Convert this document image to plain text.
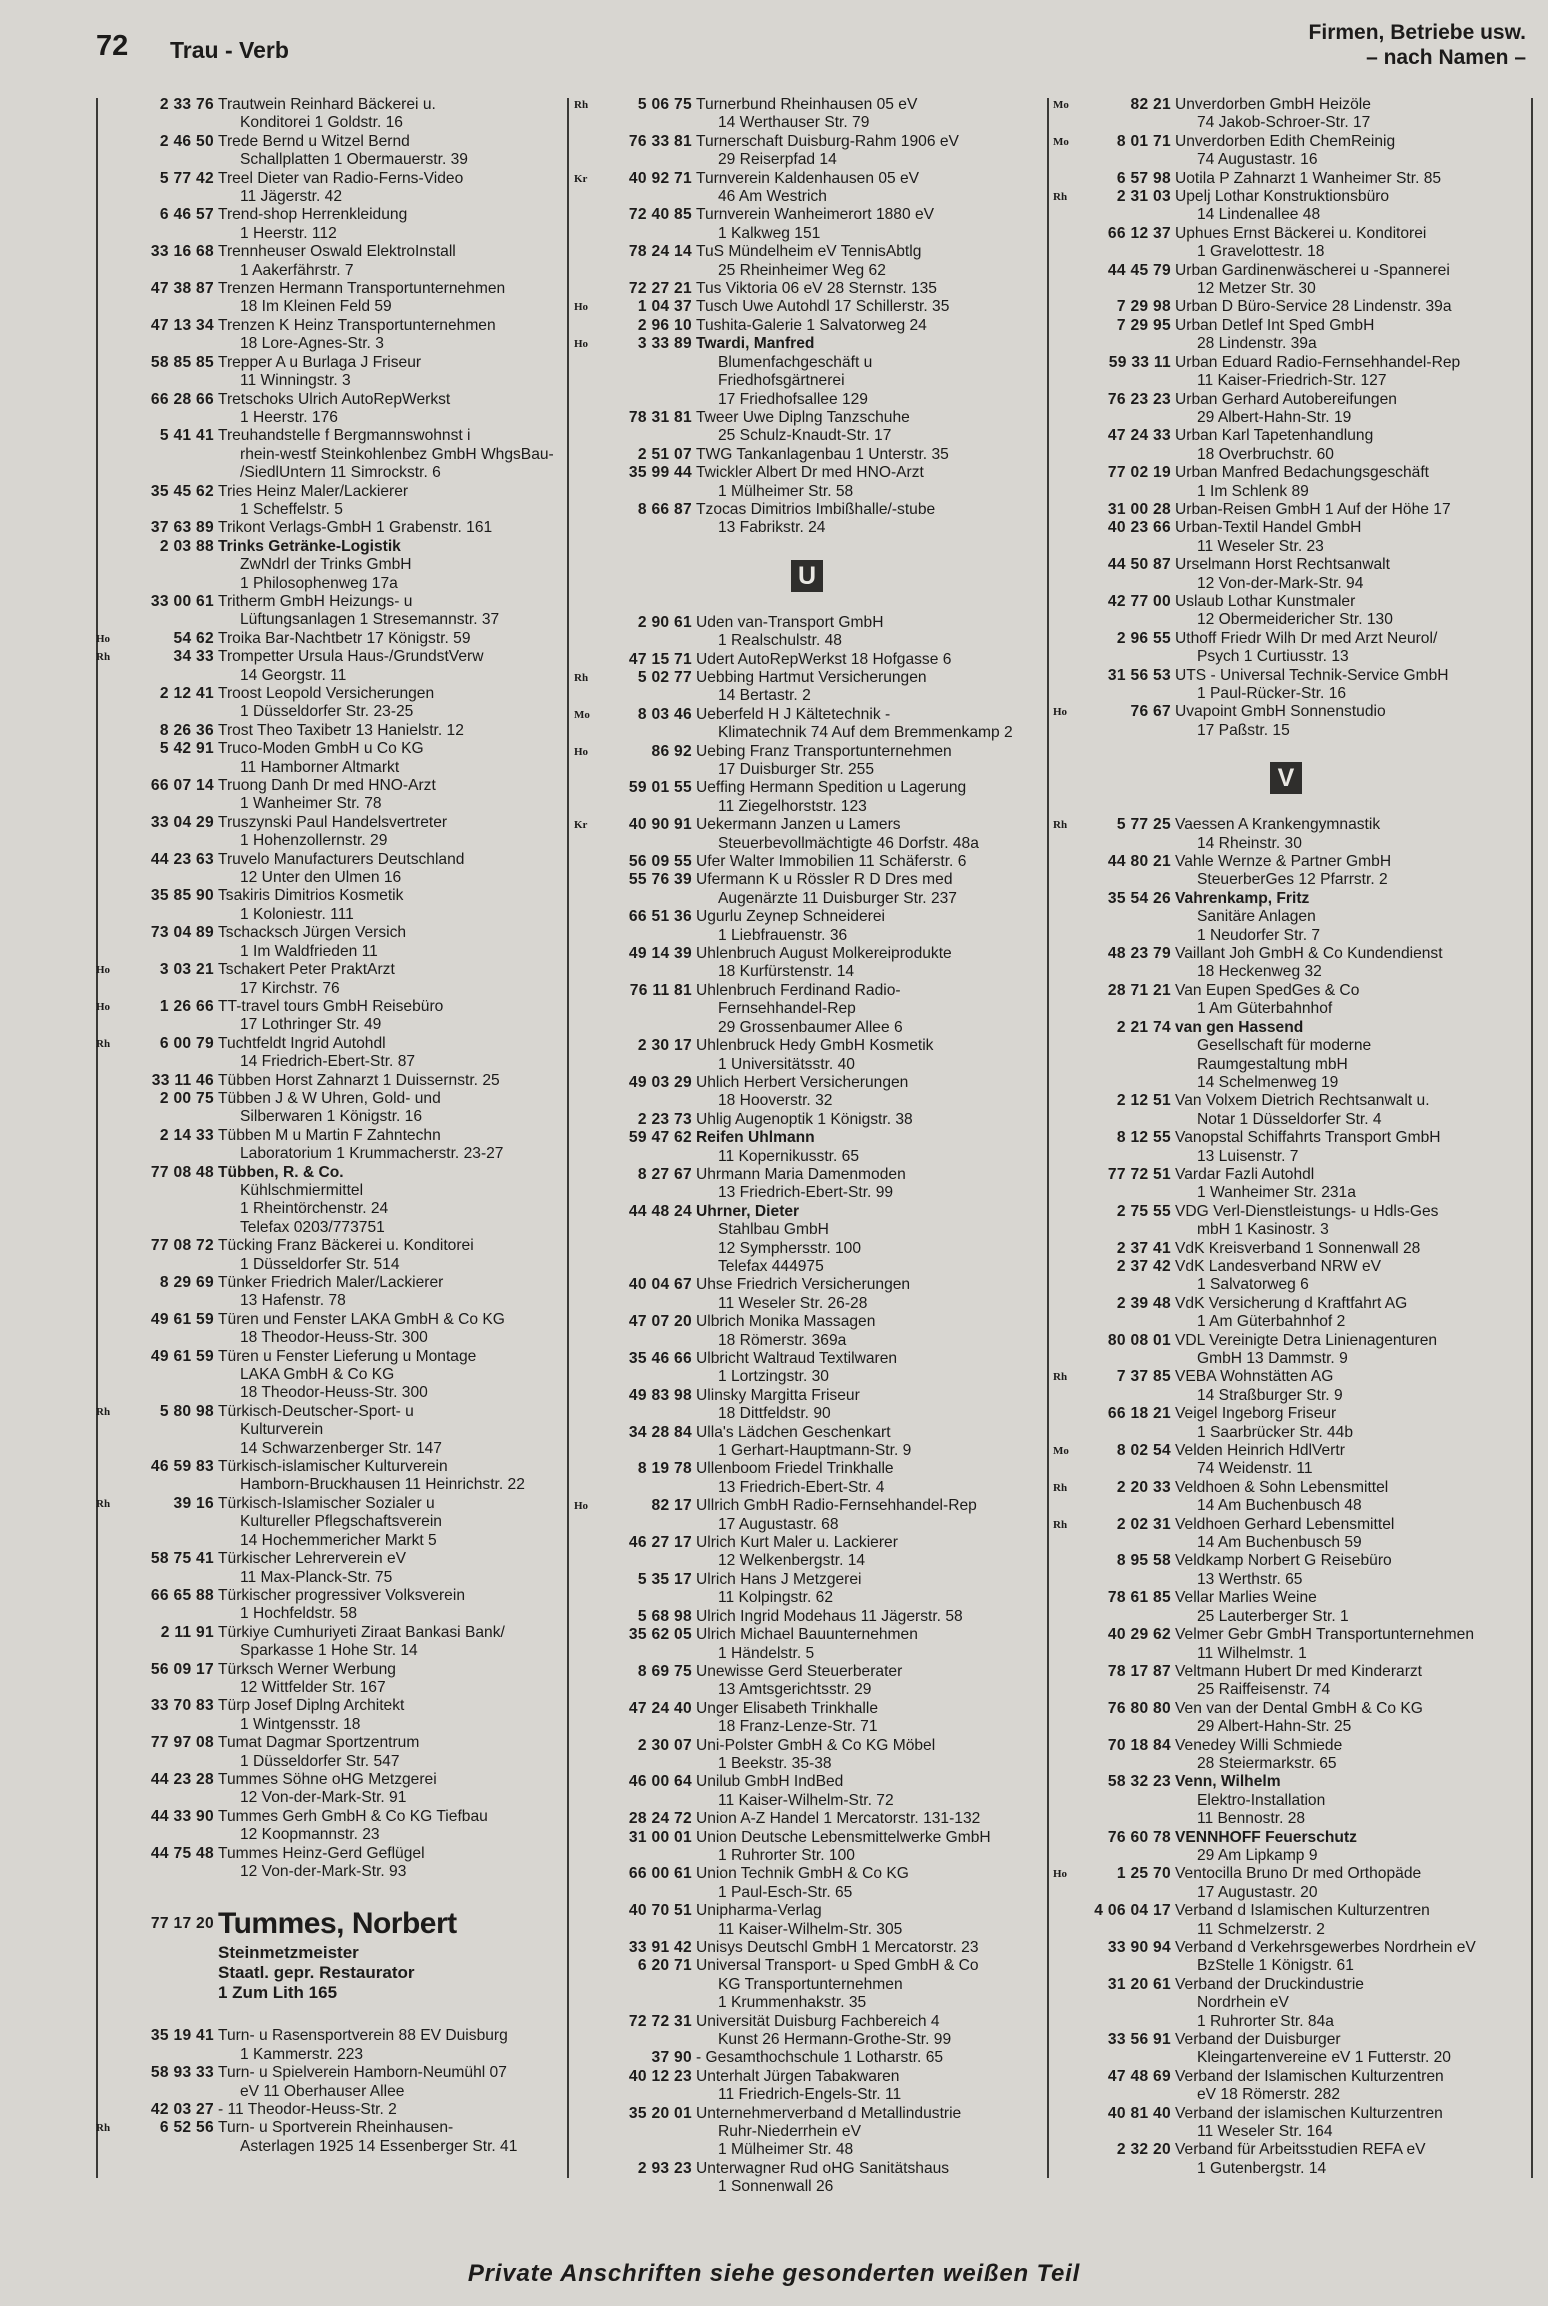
72 Trau - Verb
Firmen, Betriebe usw.
– nach Namen –
2 33 76 Trautwein Reinhard Bäckerei u.
Konditorei 1 Goldstr. 16
2 46 50 Trede Bernd u Witzel Bernd
Schallplatten 1 Obermauerstr. 39
5 77 42 Treel Dieter van Radio-Ferns-Video
11 Jägerstr. 42
6 46 57 Trend-shop Herrenkleidung
1 Heerstr. 112
33 16 68 Trennheuser Oswald ElektroInstall
1 Aakerfährstr. 7
47 38 87 Trenzen Hermann Transportunternehmen
18 Im Kleinen Feld 59
47 13 34 Trenzen K Heinz Transportunternehmen
18 Lore-Agnes-Str. 3
58 85 85 Trepper A u Burlaga J Friseur
11 Winningstr. 3
66 28 66 Tretschoks Ulrich AutoRepWerkst
1 Heerstr. 176
5 41 41 Treuhandstelle f Bergmannswohnst i
rhein-westf Steinkohlenbez GmbH WhgsBau-
/SiedlUntern 11 Simrockstr. 6
35 45 62 Tries Heinz Maler/Lackierer
1 Scheffelstr. 5
37 63 89 Trikont Verlags-GmbH 1 Grabenstr. 161
2 03 88 Trinks Getränke-Logistik
ZwNdrl der Trinks GmbH
1 Philosophenweg 17a
33 00 61 Tritherm GmbH Heizungs- u
Lüftungsanlagen 1 Stresemannstr. 37
Ho	54 62 Troika Bar-Nachtbetr 17 Königstr. 59
Rh	34 33 Trompetter Ursula Haus-/GrundstVerw
14 Georgstr. 11
2 12 41 Troost Leopold Versicherungen
1 Düsseldorfer Str. 23-25
8 26 36 Trost Theo Taxibetr 13 Hanielstr. 12
5 42 91 Truco-Moden GmbH u Co KG
11 Hamborner Altmarkt
66 07 14 Truong Danh Dr med HNO-Arzt
1 Wanheimer Str. 78
33 04 29 Truszynski Paul Handelsvertreter
1 Hohenzollernstr. 29
44 23 63 Truvelo Manufacturers Deutschland
12 Unter den Ulmen 16
35 85 90 Tsakiris Dimitrios Kosmetik
1 Koloniestr. 111
73 04 89 Tschacksch Jürgen Versich
1 Im Waldfrieden 11
Ho	3 03 21 Tschakert Peter PraktArzt
17 Kirchstr. 76
Ho	1 26 66 TT-travel tours GmbH Reisebüro
17 Lothringer Str. 49
Rh	6 00 79 Tuchtfeldt Ingrid Autohdl
14 Friedrich-Ebert-Str. 87
33 11 46 Tübben Horst Zahnarzt 1 Duissernstr. 25
2 00 75 Tübben J & W Uhren, Gold- und
Silberwaren 1 Königstr. 16
2 14 33 Tübben M u Martin F Zahntechn
Laboratorium 1 Krummacherstr. 23-27
77 08 48 Tübben, R. & Co.
Kühlschmiermittel
1 Rheintörchenstr. 24
Telefax 0203/773751
77 08 72 Tücking Franz Bäckerei u. Konditorei
1 Düsseldorfer Str. 514
8 29 69 Tünker Friedrich Maler/Lackierer
13 Hafenstr. 78
49 61 59 Türen und Fenster LAKA GmbH & Co KG
18 Theodor-Heuss-Str. 300
49 61 59 Türen u Fenster Lieferung u Montage
LAKA GmbH & Co KG
18 Theodor-Heuss-Str. 300
Rh	5 80 98 Türkisch-Deutscher-Sport- u
Kulturverein
14 Schwarzenberger Str. 147
46 59 83 Türkisch-islamischer Kulturverein
Hamborn-Bruckhausen 11 Heinrichstr. 22
Rh	39 16 Türkisch-Islamischer Sozialer u
Kultureller Pflegschaftsverein
14 Hochemmericher Markt 5
58 75 41 Türkischer Lehrerverein eV
11 Max-Planck-Str. 75
66 65 88 Türkischer progressiver Volksverein
1 Hochfeldstr. 58
2 11 91 Türkiye Cumhuriyeti Ziraat Bankasi Bank/
Sparkasse 1 Hohe Str. 14
56 09 17 Türksch Werner Werbung
12 Wittfelder Str. 167
33 70 83 Türp Josef Diplng Architekt
1 Wintgensstr. 18
77 97 08 Tumat Dagmar Sportzentrum
1 Düsseldorfer Str. 547
44 23 28 Tummes Söhne oHG Metzgerei
12 Von-der-Mark-Str. 91
44 33 90 Tummes Gerh GmbH & Co KG Tiefbau
12 Koopmannstr. 23
44 75 48 Tummes Heinz-Gerd Geflügel
12 Von-der-Mark-Str. 93
77 17 20 Tummes, Norbert
Steinmetzmeister
Staatl. gepr. Restaurator
1 Zum Lith 165
35 19 41 Turn- u Rasensportverein 88 EV Duisburg
1 Kammerstr. 223
58 93 33 Turn- u Spielverein Hamborn-Neumühl 07
eV 11 Oberhauser Allee
42 03 27 - 11 Theodor-Heuss-Str. 2
Rh	6 52 56 Turn- u Sportverein Rheinhausen-
Asterlagen 1925 14 Essenberger Str. 41
Rh	5 06 75 Turnerbund Rheinhausen 05 eV
14 Werthauser Str. 79
76 33 81 Turnerschaft Duisburg-Rahm 1906 eV
29 Reiserpfad 14
Kr	40 92 71 Turnverein Kaldenhausen 05 eV
46 Am Westrich
72 40 85 Turnverein Wanheimerort 1880 eV
1 Kalkweg 151
78 24 14 TuS Mündelheim eV TennisAbtlg
25 Rheinheimer Weg 62
72 27 21 Tus Viktoria 06 eV 28 Sternstr. 135
Ho	1 04 37 Tusch Uwe Autohdl 17 Schillerstr. 35
2 96 10 Tushita-Galerie 1 Salvatorweg 24
Ho	3 33 89 Twardi, Manfred
Blumenfachgeschäft u
Friedhofsgärtnerei
17 Friedhofsallee 129
78 31 81 Tweer Uwe Diplng Tanzschuhe
25 Schulz-Knaudt-Str. 17
2 51 07 TWG Tankanlagenbau 1 Unterstr. 35
35 99 44 Twickler Albert Dr med HNO-Arzt
1 Mülheimer Str. 58
8 66 87 Tzocas Dimitrios Imbißhalle/-stube
13 Fabrikstr. 24
U
2 90 61 Uden van-Transport GmbH
1 Realschulstr. 48
47 15 71 Udert AutoRepWerkst 18 Hofgasse 6
Rh	5 02 77 Uebbing Hartmut Versicherungen
14 Bertastr. 2
Mo	8 03 46 Ueberfeld H J Kältetechnik -
Klimatechnik 74 Auf dem Bremmenkamp 2
Ho	86 92 Uebing Franz Transportunternehmen
17 Duisburger Str. 255
59 01 55 Ueffing Hermann Spedition u Lagerung
11 Ziegelhorststr. 123
Kr	40 90 91 Uekermann Janzen u Lamers
Steuerbevollmächtigte 46 Dorfstr. 48a
56 09 55 Ufer Walter Immobilien 11 Schäferstr. 6
55 76 39 Ufermann K u Rössler R D Dres med
Augenärzte 11 Duisburger Str. 237
66 51 36 Ugurlu Zeynep Schneiderei
1 Liebfrauenstr. 36
49 14 39 Uhlenbruch August Molkereiprodukte
18 Kurfürstenstr. 14
76 11 81 Uhlenbruch Ferdinand Radio-
Fernsehhandel-Rep
29 Grossenbaumer Allee 6
2 30 17 Uhlenbruck Hedy GmbH Kosmetik
1 Universitätsstr. 40
49 03 29 Uhlich Herbert Versicherungen
18 Hooverstr. 32
2 23 73 Uhlig Augenoptik 1 Königstr. 38
59 47 62 Reifen Uhlmann
11 Kopernikusstr. 65
8 27 67 Uhrmann Maria Damenmoden
13 Friedrich-Ebert-Str. 99
44 48 24 Uhrner, Dieter
Stahlbau GmbH
12 Symphersstr. 100
Telefax 444975
40 04 67 Uhse Friedrich Versicherungen
11 Weseler Str. 26-28
47 07 20 Ulbrich Monika Massagen
18 Römerstr. 369a
35 46 66 Ulbricht Waltraud Textilwaren
1 Lortzingstr. 30
49 83 98 Ulinsky Margitta Friseur
18 Dittfeldstr. 90
34 28 84 Ulla's Lädchen Geschenkart
1 Gerhart-Hauptmann-Str. 9
8 19 78 Ullenboom Friedel Trinkhalle
13 Friedrich-Ebert-Str. 4
Ho	82 17 Ullrich GmbH Radio-Fernsehhandel-Rep
17 Augustastr. 68
46 27 17 Ulrich Kurt Maler u. Lackierer
12 Welkenbergstr. 14
5 35 17 Ulrich Hans J Metzgerei
11 Kolpingstr. 62
5 68 98 Ulrich Ingrid Modehaus 11 Jägerstr. 58
35 62 05 Ulrich Michael Bauunternehmen
1 Händelstr. 5
8 69 75 Unewisse Gerd Steuerberater
13 Amtsgerichtsstr. 29
47 24 40 Unger Elisabeth Trinkhalle
18 Franz-Lenze-Str. 71
2 30 07 Uni-Polster GmbH & Co KG Möbel
1 Beekstr. 35-38
46 00 64 Unilub GmbH IndBed
11 Kaiser-Wilhelm-Str. 72
28 24 72 Union A-Z Handel 1 Mercatorstr. 131-132
31 00 01 Union Deutsche Lebensmittelwerke GmbH
1 Ruhrorter Str. 100
66 00 61 Union Technik GmbH & Co KG
1 Paul-Esch-Str. 65
40 70 51 Unipharma-Verlag
11 Kaiser-Wilhelm-Str. 305
33 91 42 Unisys Deutschl GmbH 1 Mercatorstr. 23
6 20 71 Universal Transport- u Sped GmbH & Co
KG Transportunternehmen
1 Krummenhakstr. 35
72 72 31 Universität Duisburg Fachbereich 4
Kunst 26 Hermann-Grothe-Str. 99
37 90 - Gesamthochschule 1 Lotharstr. 65
40 12 23 Unterhalt Jürgen Tabakwaren
11 Friedrich-Engels-Str. 11
35 20 01 Unternehmerverband d Metallindustrie
Ruhr-Niederrhein eV
1 Mülheimer Str. 48
2 93 23 Unterwagner Rud oHG Sanitätshaus
1 Sonnenwall 26
Mo	82 21 Unverdorben GmbH Heizöle
74 Jakob-Schroer-Str. 17
Mo	8 01 71 Unverdorben Edith ChemReinig
74 Augustastr. 16
6 57 98 Uotila P Zahnarzt 1 Wanheimer Str. 85
Rh	2 31 03 Upelj Lothar Konstruktionsbüro
14 Lindenallee 48
66 12 37 Uphues Ernst Bäckerei u. Konditorei
1 Gravelottestr. 18
44 45 79 Urban Gardinenwäscherei u -Spannerei
12 Metzer Str. 30
7 29 98 Urban D Büro-Service 28 Lindenstr. 39a
7 29 95 Urban Detlef Int Sped GmbH
28 Lindenstr. 39a
59 33 11 Urban Eduard Radio-Fernsehhandel-Rep
11 Kaiser-Friedrich-Str. 127
76 23 23 Urban Gerhard Autobereifungen
29 Albert-Hahn-Str. 19
47 24 33 Urban Karl Tapetenhandlung
18 Overbruchstr. 60
77 02 19 Urban Manfred Bedachungsgeschäft
1 Im Schlenk 89
31 00 28 Urban-Reisen GmbH 1 Auf der Höhe 17
40 23 66 Urban-Textil Handel GmbH
11 Weseler Str. 23
44 50 87 Urselmann Horst Rechtsanwalt
12 Von-der-Mark-Str. 94
42 77 00 Uslaub Lothar Kunstmaler
12 Obermeidericher Str. 130
2 96 55 Uthoff Friedr Wilh Dr med Arzt Neurol/
Psych 1 Curtiusstr. 13
31 56 53 UTS - Universal Technik-Service GmbH
1 Paul-Rücker-Str. 16
Ho	76 67 Uvapoint GmbH Sonnenstudio
17 Paßstr. 15
V
Rh	5 77 25 Vaessen A Krankengymnastik
14 Rheinstr. 30
44 80 21 Vahle Wernze & Partner GmbH
SteuerberGes 12 Pfarrstr. 2
35 54 26 Vahrenkamp, Fritz
Sanitäre Anlagen
1 Neudorfer Str. 7
48 23 79 Vaillant Joh GmbH & Co Kundendienst
18 Heckenweg 32
28 71 21 Van Eupen SpedGes & Co
1 Am Güterbahnhof
2 21 74 van gen Hassend
Gesellschaft für moderne
Raumgestaltung mbH
14 Schelmenweg 19
2 12 51 Van Volxem Dietrich Rechtsanwalt u.
Notar 1 Düsseldorfer Str. 4
8 12 55 Vanopstal Schiffahrts Transport GmbH
13 Luisenstr. 7
77 72 51 Vardar Fazli Autohdl
1 Wanheimer Str. 231a
2 75 55 VDG Verl-Dienstleistungs- u Hdls-Ges
mbH 1 Kasinostr. 3
2 37 41 VdK Kreisverband 1 Sonnenwall 28
2 37 42 VdK Landesverband NRW eV
1 Salvatorweg 6
2 39 48 VdK Versicherung d Kraftfahrt AG
1 Am Güterbahnhof 2
80 08 01 VDL Vereinigte Detra Linienagenturen
GmbH 13 Dammstr. 9
Rh	7 37 85 VEBA Wohnstätten AG
14 Straßburger Str. 9
66 18 21 Veigel Ingeborg Friseur
1 Saarbrücker Str. 44b
Mo	8 02 54 Velden Heinrich HdlVertr
74 Weidenstr. 11
Rh	2 20 33 Veldhoen & Sohn Lebensmittel
14 Am Buchenbusch 48
Rh	2 02 31 Veldhoen Gerhard Lebensmittel
14 Am Buchenbusch 59
8 95 58 Veldkamp Norbert G Reisebüro
13 Werthstr. 65
78 61 85 Vellar Marlies Weine
25 Lauterberger Str. 1
40 29 62 Velmer Gebr GmbH Transportunternehmen
11 Wilhelmstr. 1
78 17 87 Veltmann Hubert Dr med Kinderarzt
25 Raiffeisenstr. 74
76 80 80 Ven van der Dental GmbH & Co KG
29 Albert-Hahn-Str. 25
70 18 84 Venedey Willi Schmiede
28 Steiermarkstr. 65
58 32 23 Venn, Wilhelm
Elektro-Installation
11 Bennostr. 28
76 60 78 VENNHOFF Feuerschutz
29 Am Lipkamp 9
Ho	1 25 70 Ventocilla Bruno Dr med Orthopäde
17 Augustastr. 20
4 06 04 17 Verband d Islamischen Kulturzentren
11 Schmelzerstr. 2
33 90 94 Verband d Verkehrsgewerbes Nordrhein eV
BzStelle 1 Königstr. 61
31 20 61 Verband der Druckindustrie
Nordrhein eV
1 Ruhrorter Str. 84a
33 56 91 Verband der Duisburger
Kleingartenvereine eV 1 Futterstr. 20
47 48 69 Verband der Islamischen Kulturzentren
eV 18 Römerstr. 282
40 81 40 Verband der islamischen Kulturzentren
11 Weseler Str. 164
2 32 20 Verband für Arbeitsstudien REFA eV
1 Gutenbergstr. 14
Private Anschriften siehe gesonderten weißen Teil
